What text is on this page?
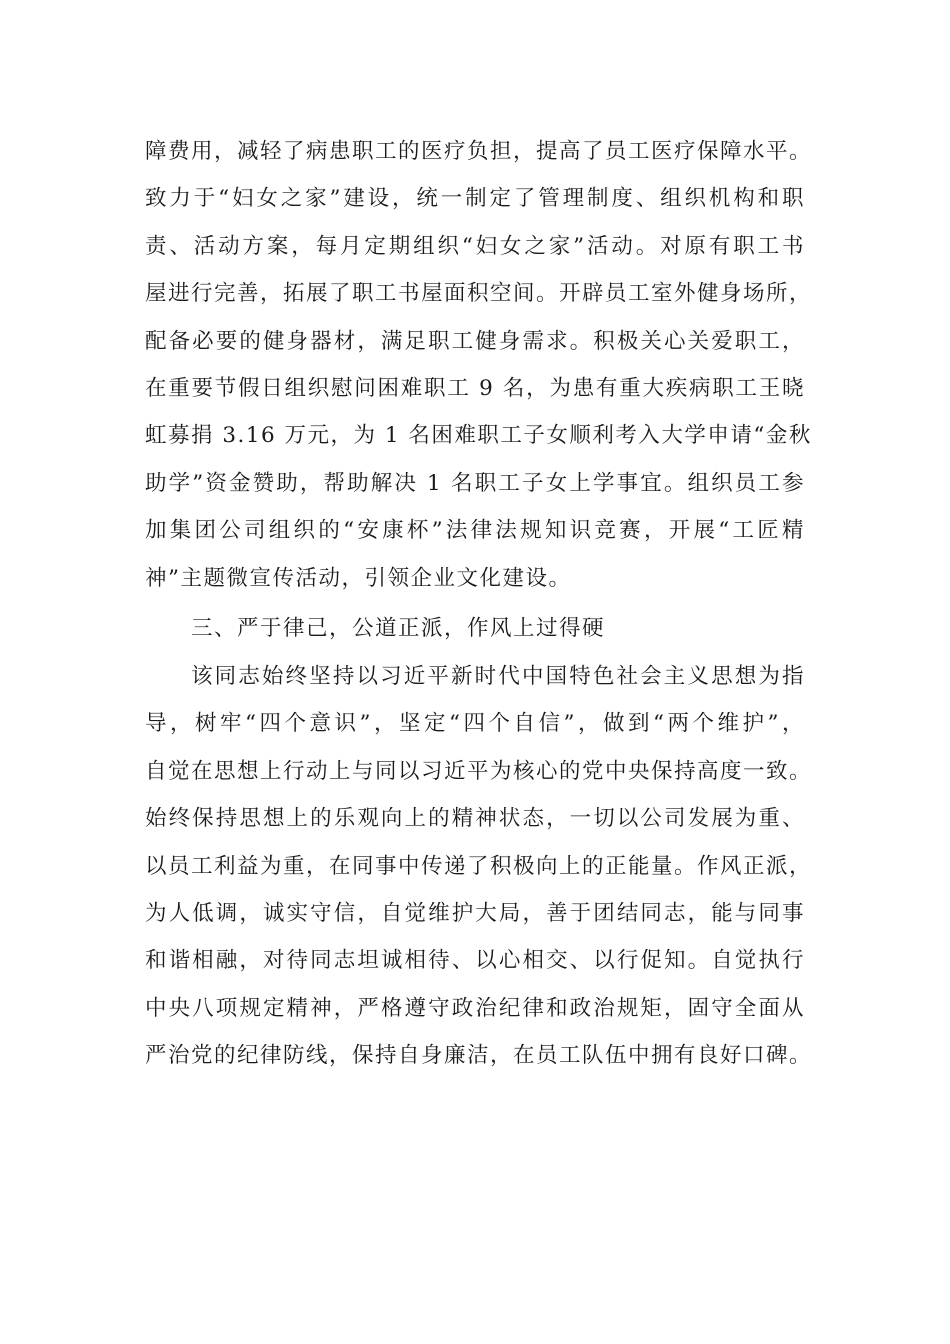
障费用，减轻了病患职工的医疗负担，提高了员工医疗保障水平。
致力于“妇女之家”建设，统一制定了管理制度、组织机构和职
责、活动方案，每月定期组织“妇女之家”活动。对原有职工书
屋进行完善，拓展了职工书屋面积空间。开辟员工室外健身场所，
配备必要的健身器材，满足职工健身需求。积极关心关爱职工，
在重要节假日组织慰问困难职工 9 名，为患有重大疾病职工王晓
虹募捐 3.16 万元，为 1 名困难职工子女顺利考入大学申请“金秋
助学”资金赞助，帮助解决 1 名职工子女上学事宜。组织员工参
加集团公司组织的“安康杯”法律法规知识竞赛，开展“工匠精
神”主题微宣传活动，引领企业文化建设。
三、严于律己，公道正派，作风上过得硬
该同志始终坚持以习近平新时代中国特色社会主义思想为指
导，树牢“四个意识”，坚定“四个自信”，做到“两个维护”，
自觉在思想上行动上与同以习近平为核心的党中央保持高度一致。
始终保持思想上的乐观向上的精神状态，一切以公司发展为重、
以员工利益为重，在同事中传递了积极向上的正能量。作风正派，
为人低调，诚实守信，自觉维护大局，善于团结同志，能与同事
和谐相融，对待同志坦诚相待、以心相交、以行促知。自觉执行
中央八项规定精神，严格遵守政治纪律和政治规矩，固守全面从
严治党的纪律防线，保持自身廉洁，在员工队伍中拥有良好口碑。
